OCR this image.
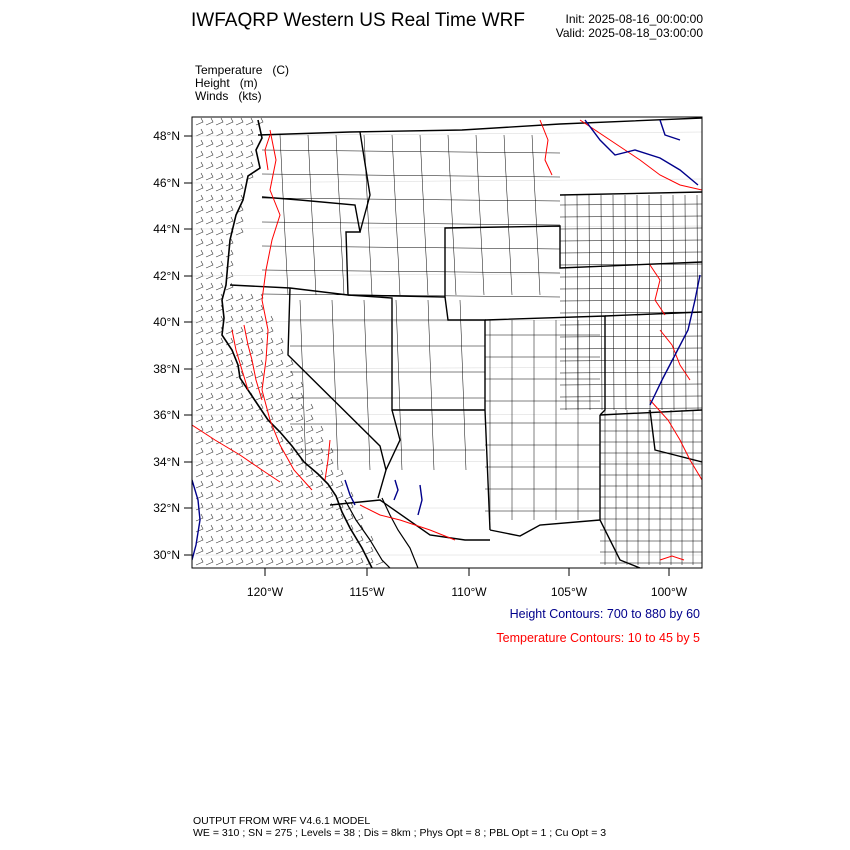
IWFAQRP Western US Real Time WRF	Init: 2025-08-16_00:00:00
Valid: 2025-08-18_03:00:00
Temperature   (C)
Height   (m)
Winds   (kts)
48°N
46°N
44°N
42°N
40°N
38°N
36°N
34°N
32°N
30°N
120°W	115°W	110°W	105°W	100°W
Height Contours: 700 to 880 by 60
Temperature Contours: 10 to 45 by 5
OUTPUT FROM WRF V4.6.1 MODEL
WE = 310 ; SN = 275 ; Levels = 38 ; Dis = 8km ; Phys Opt = 8 ; PBL Opt = 1 ; Cu Opt = 3
